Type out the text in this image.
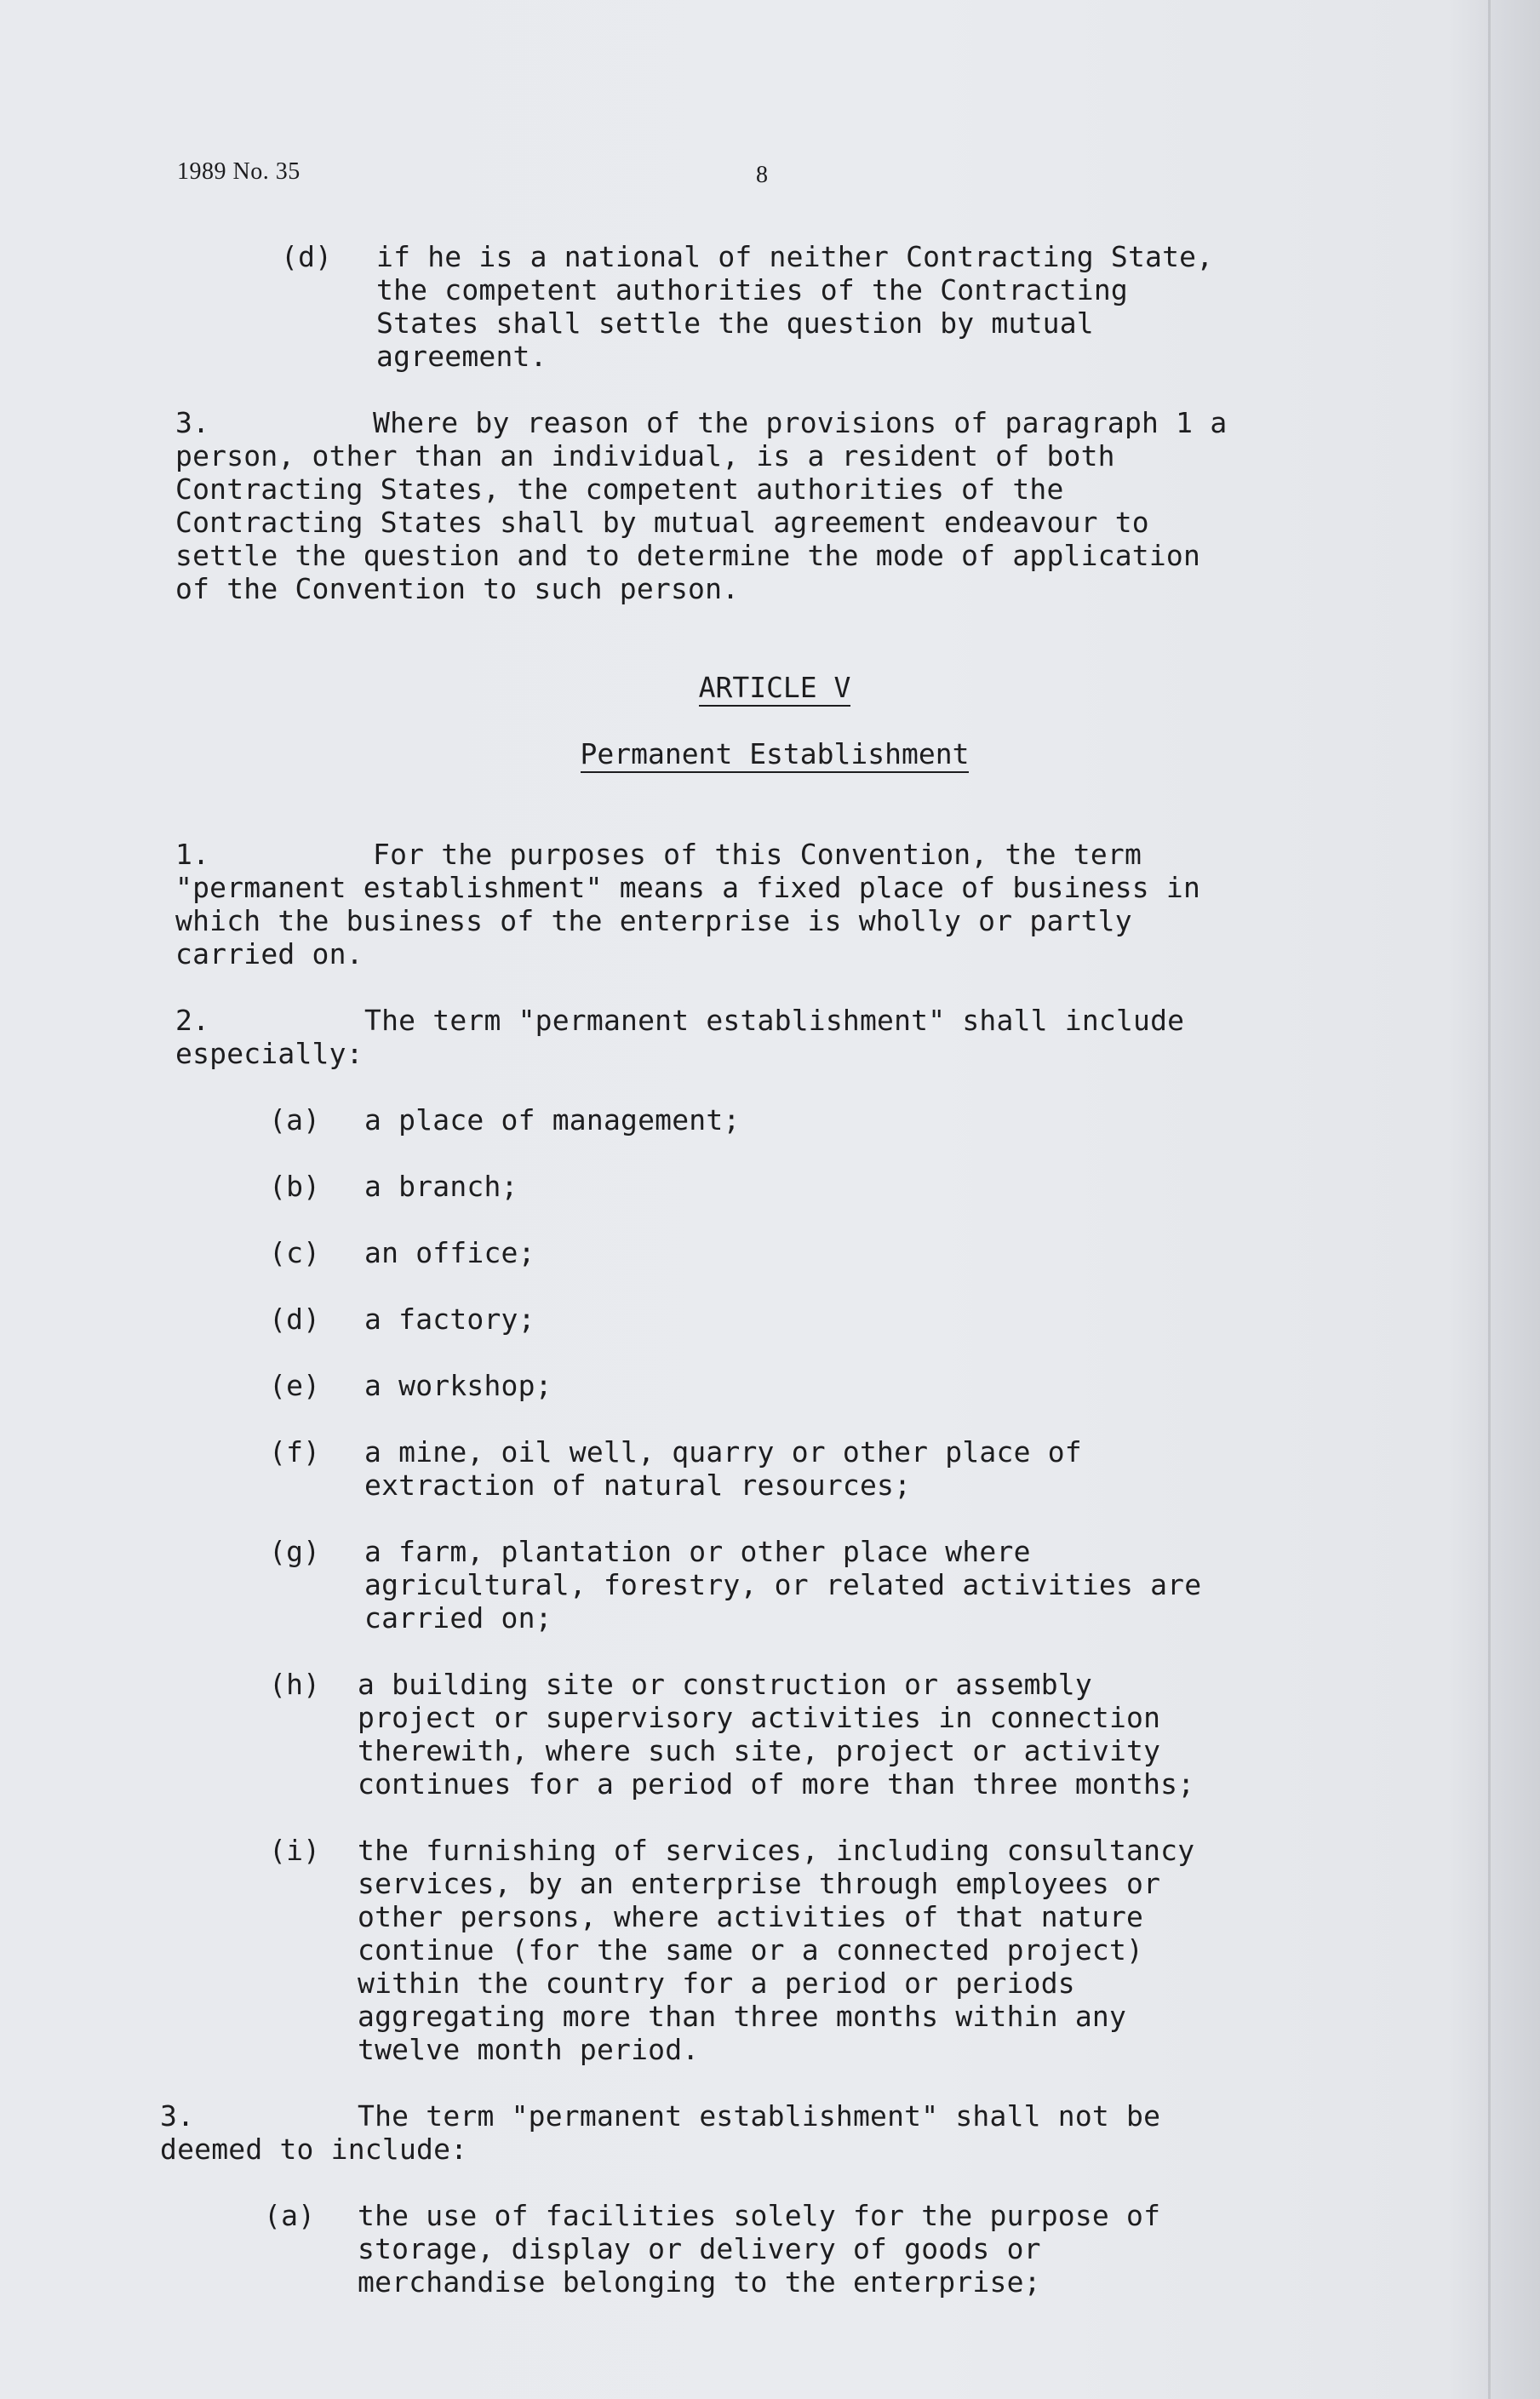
1989 No. 35	8
(d) if he is a national of neither Contracting State,
the competent authorities of the Contracting
States shall settle the question by mutual
agreement.
3.	Where by reason of the provisions of paragraph 1 a
person, other than an individual, is a resident of both
Contracting States, the competent authorities of the
Contracting States shall by mutual agreement endeavour to
settle the question and to determine the mode of application
of the Convention to such person.
ARTICLE V
Permanent Establishment
1.	For the purposes of this Convention, the term
"permanent establishment" means a fixed place of business in
which the business of the enterprise is wholly or partly
carried on.
2.	The term "permanent establishment" shall include
especially:
(a) a place of management;
(b) a branch;
(c) an office;
(d) a factory;
(e) a workshop;
(f) a mine, oil well, quarry or other place of
extraction of natural resources;
(g) a farm, plantation or other place where
agricultural, forestry, or related activities are
carried on;
(h) a building site or construction or assembly
project or supervisory activities in connection
therewith, where such site, project or activity
continues for a period of more than three months;
(i) the furnishing of services, including consultancy
services, by an enterprise through employees or
other persons, where activities of that nature
continue (for the same or a connected project)
within the country for a period or periods
aggregating more than three months within any
twelve month period.
3.	The term "permanent establishment" shall not be
deemed to include:
(a) the use of facilities solely for the purpose of
storage, display or delivery of goods or
merchandise belonging to the enterprise;
